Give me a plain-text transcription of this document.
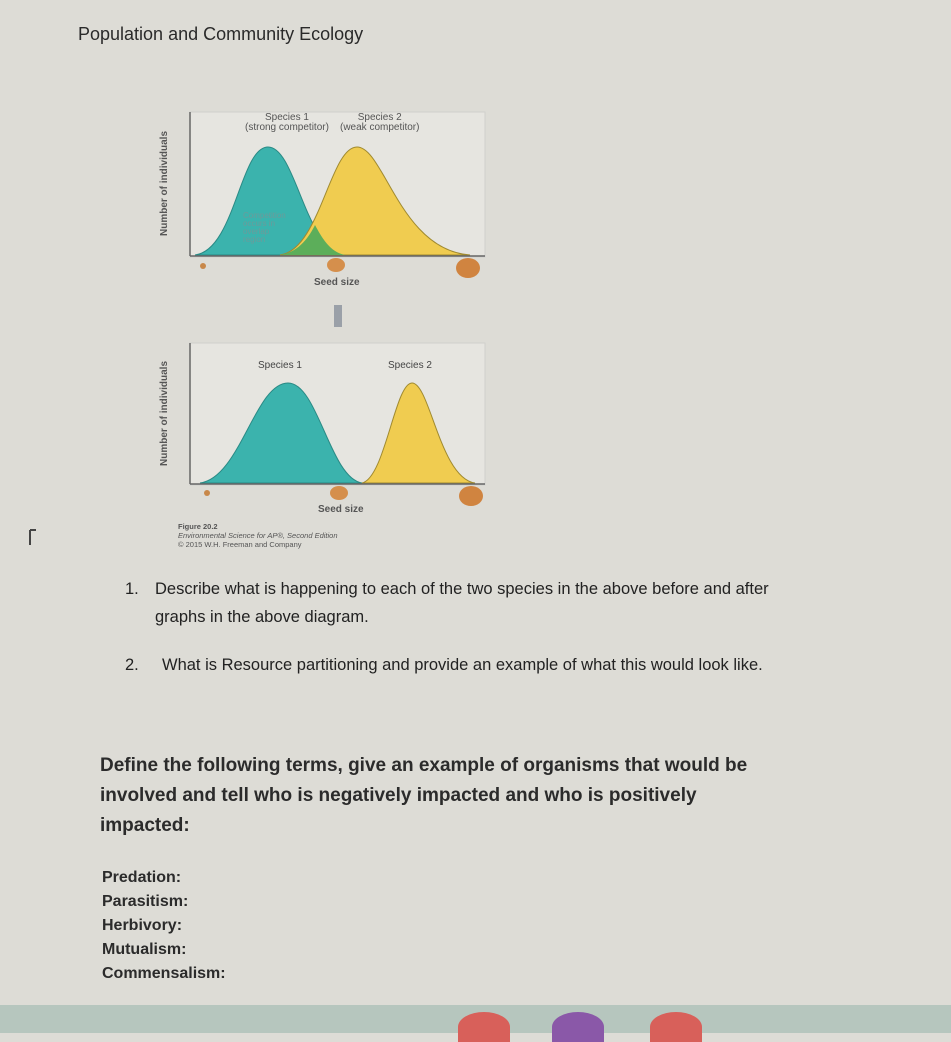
Population and Community Ecology
Species 1
(strong competitor)
Species 2
(weak competitor)
Competition
occurs in
overlap
region
Number of individuals
Seed size
Species 1	Species 2
Number of individuals
Seed size
Figure 20.2
Environmental Science for AP®, Second Edition
© 2015 W.H. Freeman and Company
1. Describe what is happening to each of the two species in the above before and after
graphs in the above diagram.
2. What is Resource partitioning and provide an example of what this would look like.
Define the following terms, give an example of organisms that would be
involved and tell who is negatively impacted and who is positively
impacted:
Predation:
Parasitism:
Herbivory:
Mutualism:
Commensalism:
